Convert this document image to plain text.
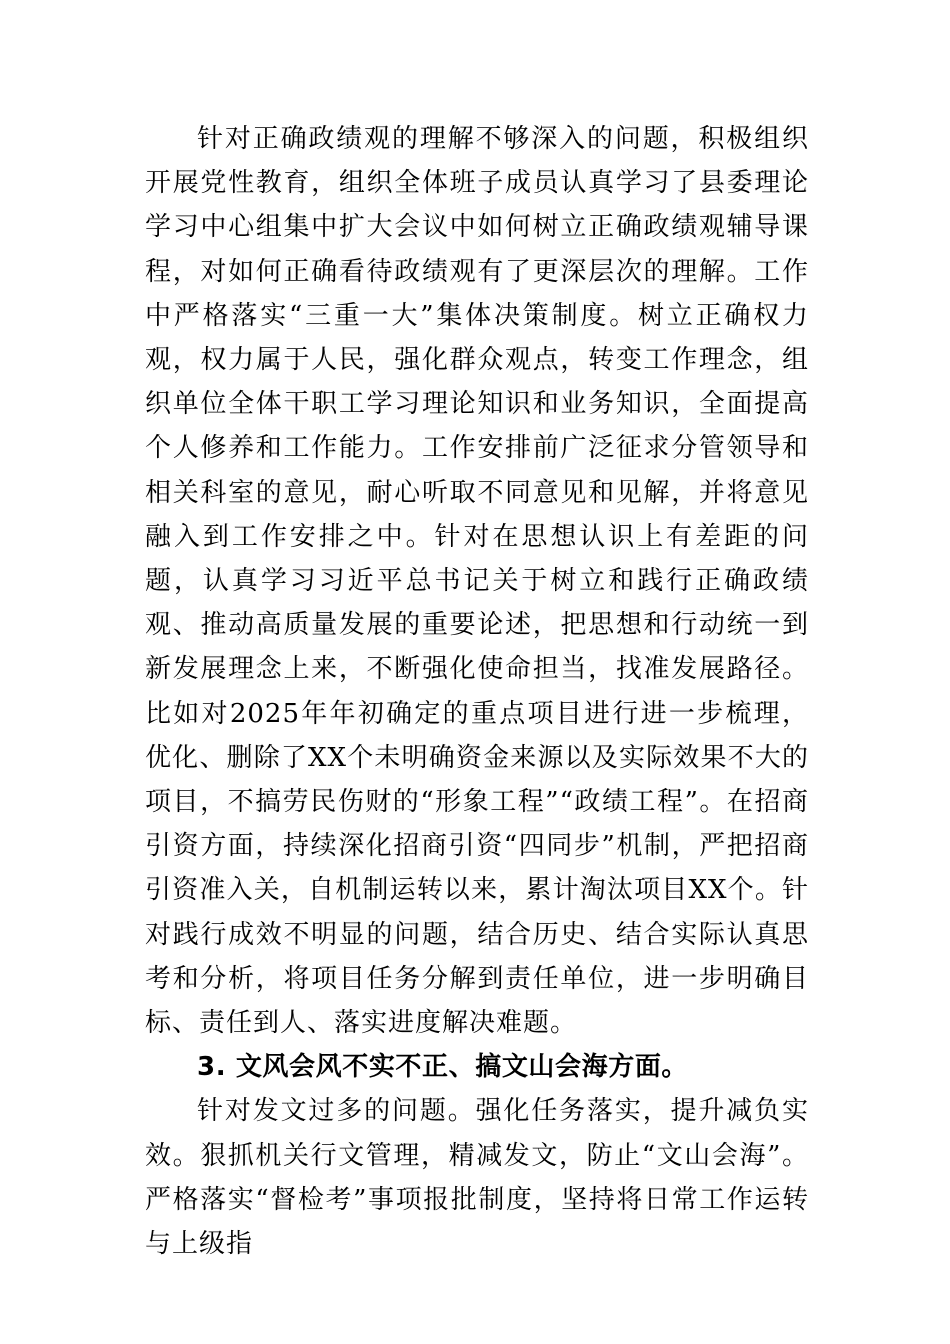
针对正确政绩观的理解不够深入的问题，积极组织开展党性教育，组织全体班子成员认真学习了县委理论学习中心组集中扩大会议中如何树立正确政绩观辅导课程，对如何正确看待政绩观有了更深层次的理解。工作中严格落实“三重一大”集体决策制度。树立正确权力观，权力属于人民，强化群众观点，转变工作理念，组织单位全体干职工学习理论知识和业务知识，全面提高个人修养和工作能力。工作安排前广泛征求分管领导和相关科室的意见，耐心听取不同意见和见解，并将意见融入到工作安排之中。针对在思想认识上有差距的问题，认真学习习近平总书记关于树立和践行正确政绩观、推动高质量发展的重要论述，把思想和行动统一到新发展理念上来，不断强化使命担当，找准发展路径。比如对2025年年初确定的重点项目进行进一步梳理，优化、删除了XX个未明确资金来源以及实际效果不大的项目，不搞劳民伤财的“形象工程”“政绩工程”。在招商引资方面，持续深化招商引资“四同步”机制，严把招商引资准入关，自机制运转以来，累计淘汰项目XX个。针对践行成效不明显的问题，结合历史、结合实际认真思考和分析，将项目任务分解到责任单位，进一步明确目标、责任到人、落实进度解决难题。

3. 文风会风不实不正、搞文山会海方面。

针对发文过多的问题。强化任务落实，提升减负实效。狠抓机关行文管理，精减发文，防止“文山会海”。严格落实“督检考”事项报批制度，坚持将日常工作运转与上级指
